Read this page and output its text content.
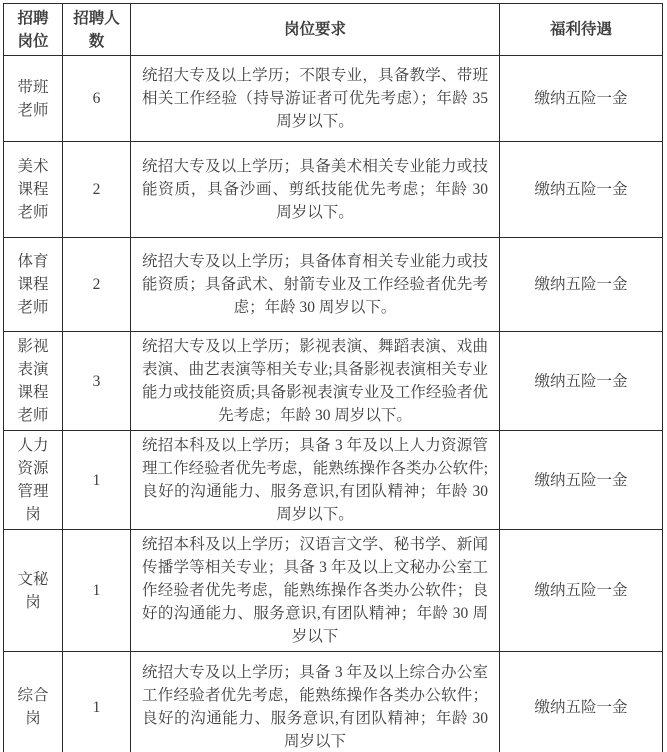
招聘岗位	招聘人数	岗位要求	福利待遇
带班老师	6	统招大专及以上学历；不限专业，具备教学、带班相关工作经验（持导游证者可优先考虑）；年龄 35 周岁以下。	缴纳五险一金
美术课程老师	2	统招大专及以上学历；具备美术相关专业能力或技能资质，具备沙画、剪纸技能优先考虑；年龄 30 周岁以下。	缴纳五险一金
体育课程老师	2	统招大专及以上学历；具备体育相关专业能力或技能资质；具备武术、射箭专业及工作经验者优先考虑；年龄 30 周岁以下。	缴纳五险一金
影视表演课程老师	3	统招大专及以上学历；影视表演、舞蹈表演、戏曲表演、曲艺表演等相关专业;具备影视表演相关专业能力或技能资质;具备影视表演专业及工作经验者优先考虑；年龄 30 周岁以下。	缴纳五险一金
人力资源管理岗	1	统招本科及以上学历；具备 3 年及以上人力资源管理工作经验者优先考虑，能熟练操作各类办公软件;良好的沟通能力、服务意识,有团队精神；年龄 30 周岁以下。	缴纳五险一金
文秘岗	1	统招本科及以上学历；汉语言文学、秘书学、新闻传播学等相关专业；具备 3 年及以上文秘办公室工作经验者优先考虑，能熟练操作各类办公软件；良好的沟通能力、服务意识,有团队精神；年龄 30 周岁以下	缴纳五险一金
综合岗	1	统招大专及以上学历；具备 3 年及以上综合办公室工作经验者优先考虑，能熟练操作各类办公软件；良好的沟通能力、服务意识,有团队精神；年龄 30 周岁以下	缴纳五险一金
